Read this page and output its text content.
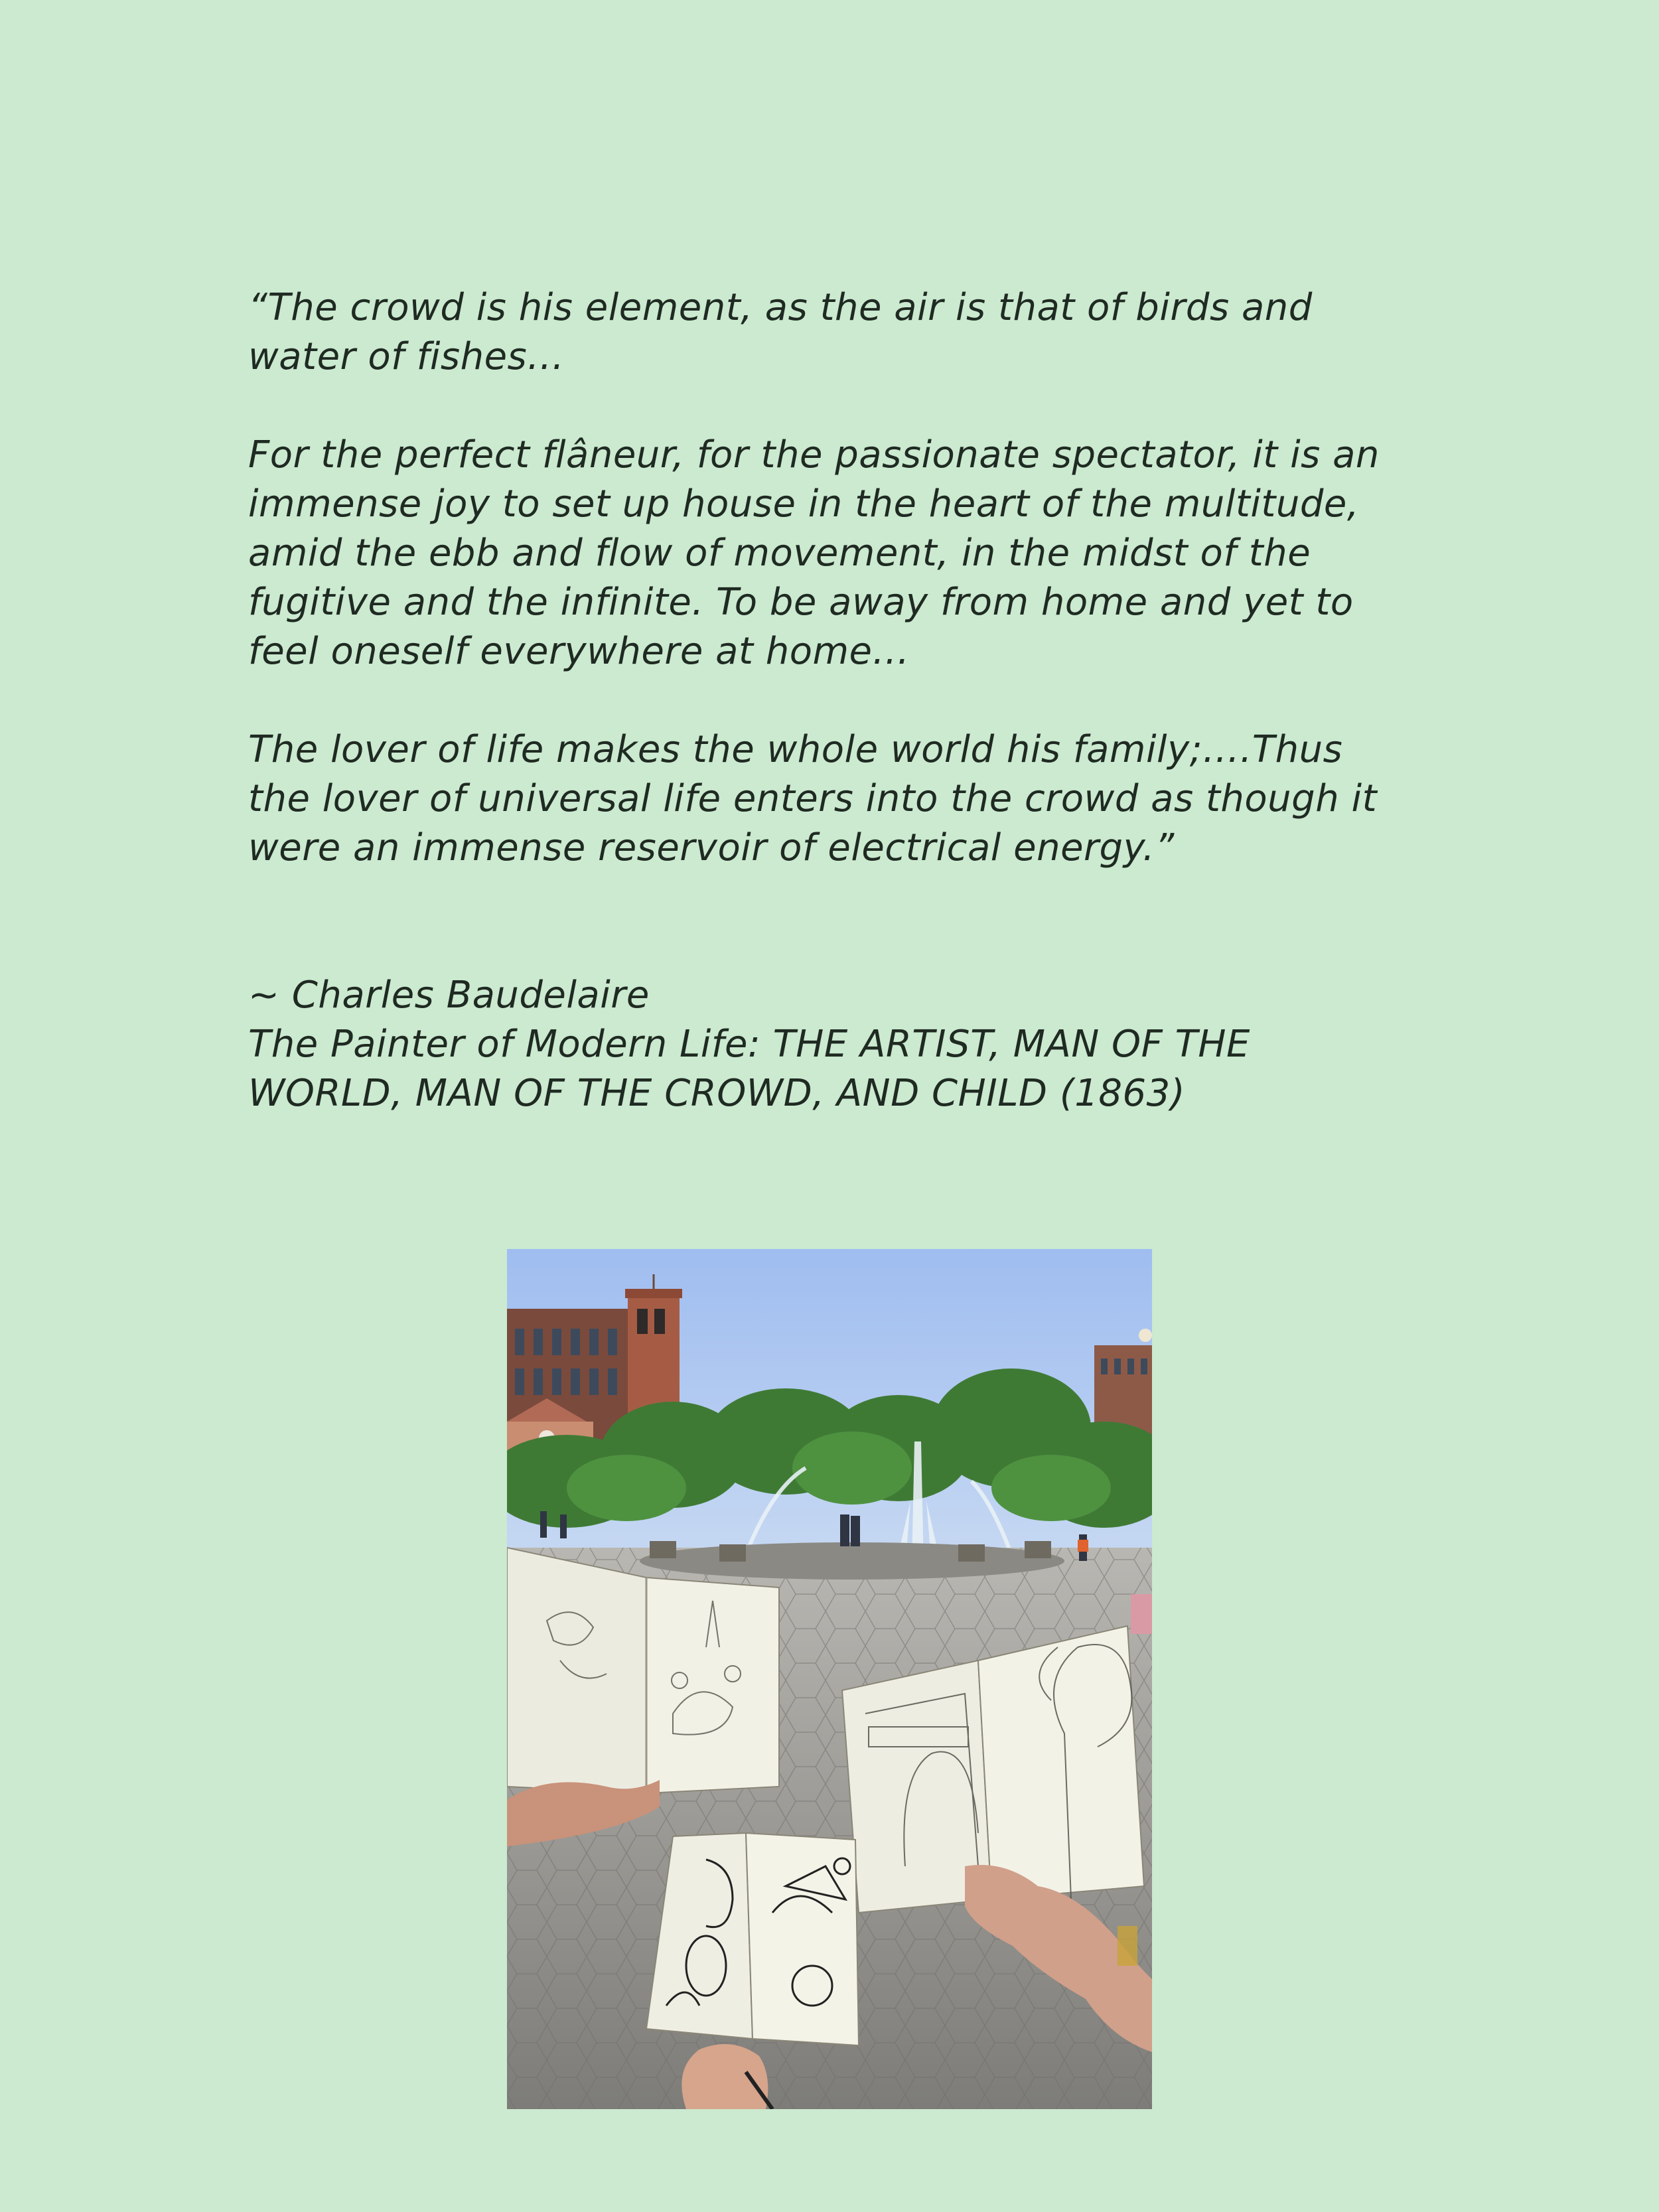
“The crowd is his element, as the air is that of birds and water of fishes…

For the perfect flâneur, for the passionate spectator, it is an immense joy to set up house in the heart of the multitude, amid the ebb and flow of movement, in the midst of the fugitive and the infinite. To be away from home and yet to feel oneself everywhere at home…

The lover of life makes the whole world his family;….Thus the lover of universal life enters into the crowd as though it were an immense reservoir of electrical energy.”

~ Charles Baudelaire
The Painter of Modern Life: THE ARTIST, MAN OF THE WORLD, MAN OF THE CROWD, AND CHILD (1863)
